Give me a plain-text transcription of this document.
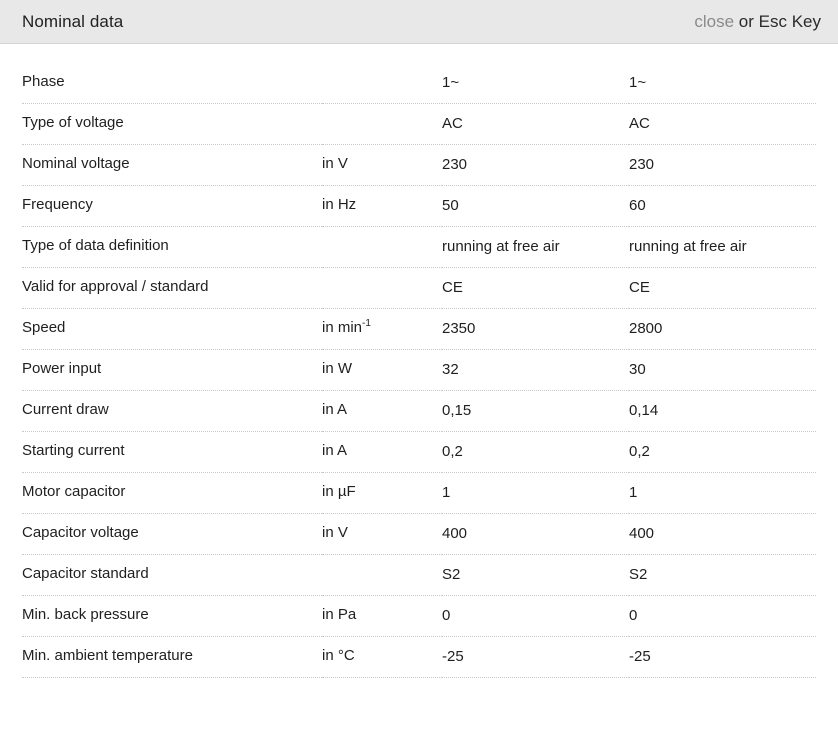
Nominal data	close or Esc Key
Phase		1~	1~

Type of voltage		AC	AC

Nominal voltage	in V	230	230

Frequency	in Hz	50	60

Type of data definition		running at free air	running at free air

Valid for approval / standard		CE	CE

Speed	in $\min^{-1}$	2350	2800

Power input	in W	32	30

Current draw	in A	0,15	0,14

Starting current	in A	0,2	0,2

Motor capacitor	in µF	1	1

Capacitor voltage	in V	400	400

Capacitor standard		S2	S2

Min. back pressure	in Pa	0	0

Min. ambient temperature	in °C	-25	-25
